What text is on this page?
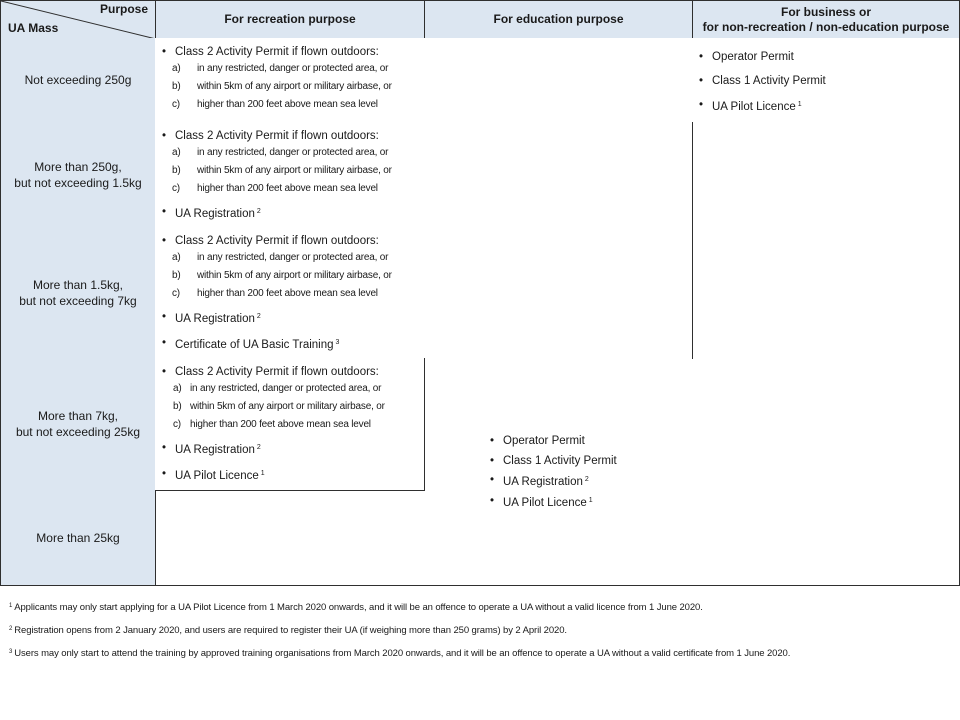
Purpose
UA Mass
For recreation purpose	For education purpose
For business or
for non-recreation / non-education purpose
Not exceeding 250g
More than 250g,
but not exceeding 1.5kg
More than 1.5kg,
but not exceeding 7kg
More than 7kg,
but not exceeding 25kg
More than 25kg
• Class 2 Activity Permit if flown outdoors:
a) in any restricted, danger or protected area, or
b) within 5km of any airport or military airbase, or
c) higher than 200 feet above mean sea level
• Operator Permit
• Class 1 Activity Permit
• UA Pilot Licence $^1$
• Class 2 Activity Permit if flown outdoors:
a) in any restricted, danger or protected area, or
b) within 5km of any airport or military airbase, or
c) higher than 200 feet above mean sea level
• UA Registration $^2$
• Class 2 Activity Permit if flown outdoors:
a) in any restricted, danger or protected area, or
b) within 5km of any airport or military airbase, or
c) higher than 200 feet above mean sea level
• UA Registration $^2$
• Certificate of UA Basic Training $^3$
• Class 2 Activity Permit if flown outdoors:
a) in any restricted, danger or protected area, or
b) within 5km of any airport or military airbase, or
c) higher than 200 feet above mean sea level
• UA Registration $^2$
• UA Pilot Licence $^1$
• Operator Permit
• Class 1 Activity Permit
• UA Registration $^2$
• UA Pilot Licence $^1$
$^1$ Applicants may only start applying for a UA Pilot Licence from 1 March 2020 onwards, and it will be an offence to operate a UA without a valid licence from 1 June 2020.
$^2$ Registration opens from 2 January 2020, and users are required to register their UA (if weighing more than 250 grams) by 2 April 2020.
$^3$ Users may only start to attend the training by approved training organisations from March 2020 onwards, and it will be an offence to operate a UA without a valid certificate from 1 June 2020.
